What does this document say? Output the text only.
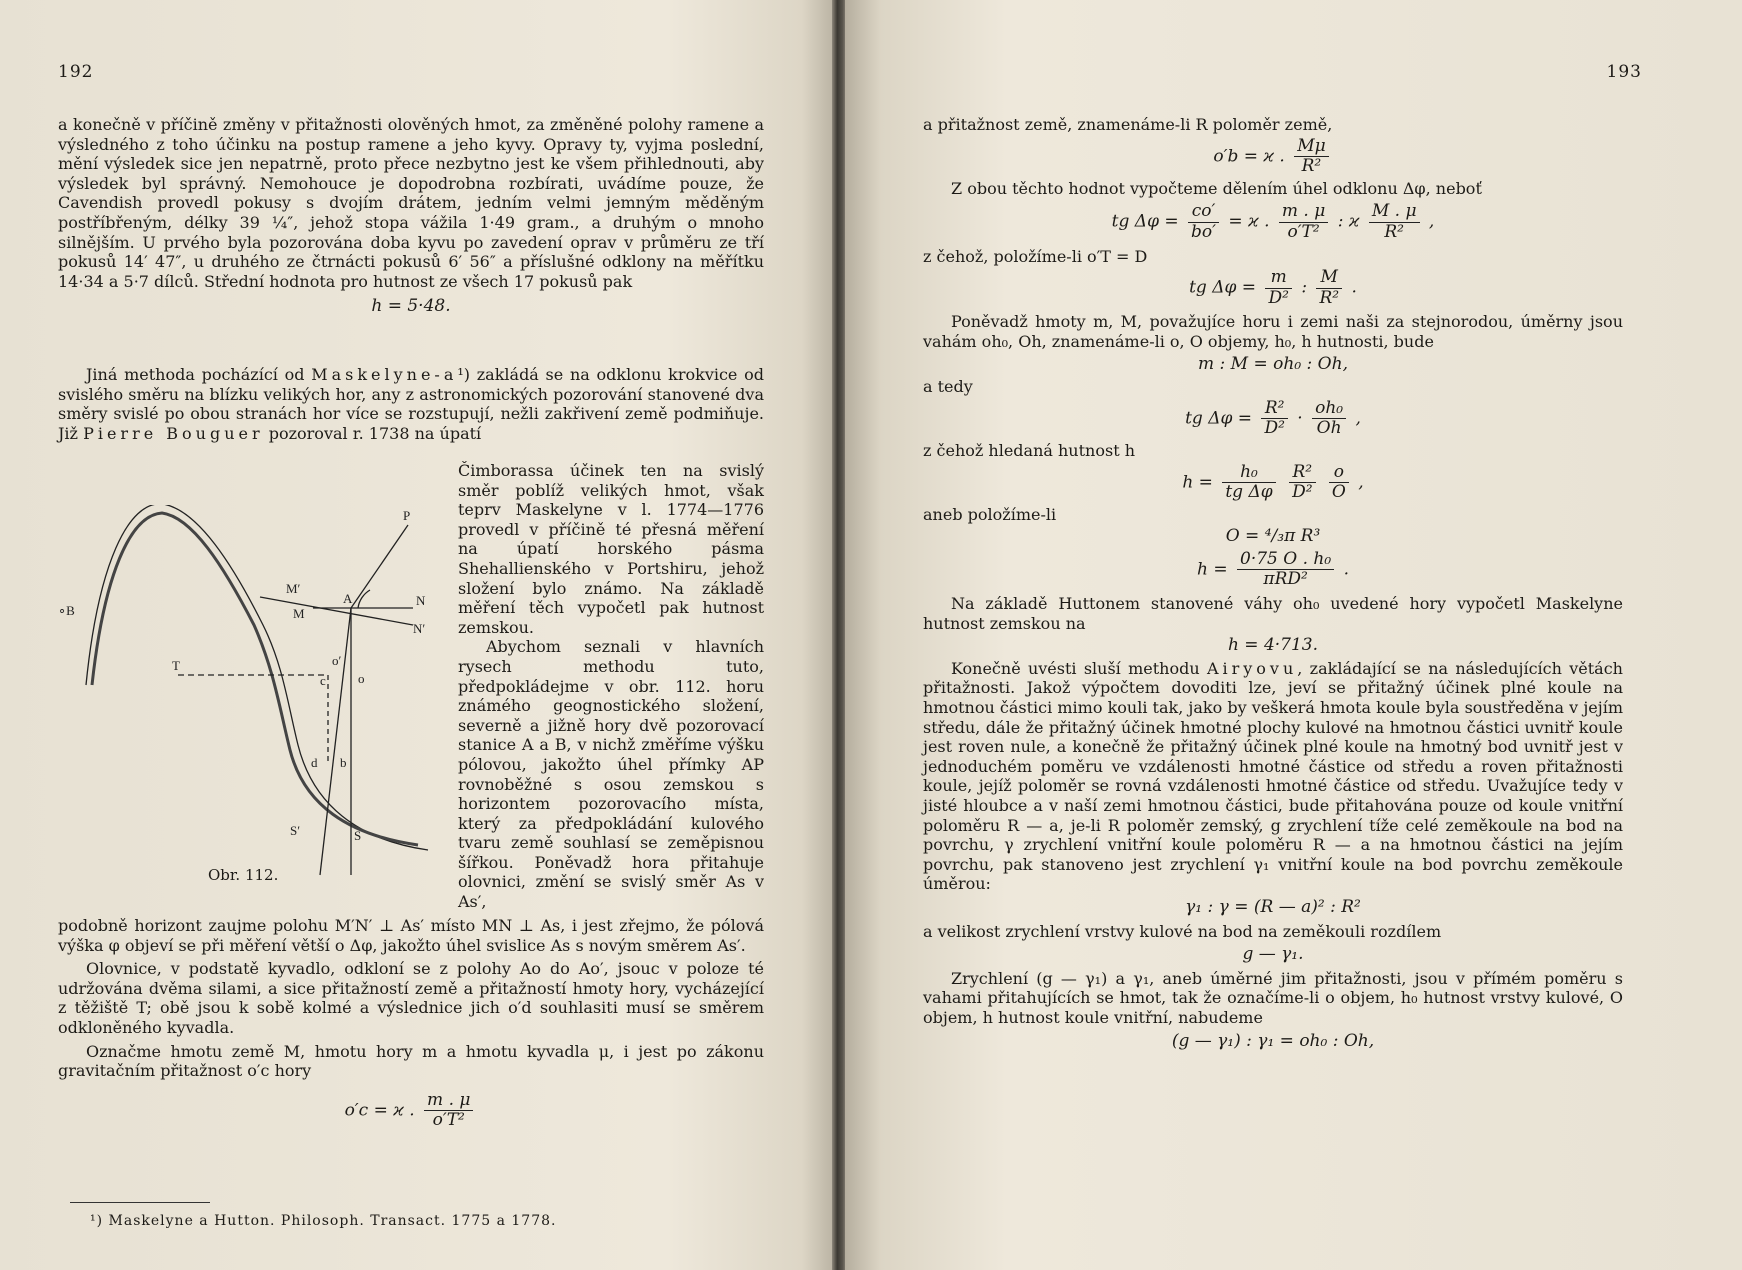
192

a konečně v příčině změny v přitažnosti olověných hmot, za změněné polohy ramene a výsledného z toho účinku na postup ramene a jeho kyvy. Opravy ty, vyjma poslední, mění výsledek sice jen nepatrně, proto přece nezbytno jest ke všem přihlednouti, aby výsledek byl správný. Nemohouce je dopodrobna rozbírati, uvádíme pouze, že Cavendish provedl pokusy s dvojím drátem, jedním velmi jemným měděným postříbřeným, délky 39 ¼″, jehož stopa vážila 1·49 gram., a druhým o mnoho silnějším. U prvého byla pozorována doba kyvu po zavedení oprav v průměru ze tří pokusů 14′ 47″, u druhého ze čtrnácti pokusů 6′ 56″ a příslušné odklony na měřítku 14·34 a 5·7 dílců. Střední hodnota pro hutnost ze všech 17 pokusů pak

h = 5·48.

Jiná methoda pocházící od Maskelyne-a¹) zakládá se na odklonu krokvice od svislého směru na blízku velikých hor, any z astronomických pozorování stanovené dva směry svislé po obou stranách hor více se rozstupují, nežli zakřivení země podmiňuje. Již Pierre Bouguer pozoroval r. 1738 na úpatí

Čimborassa účinek ten na svislý směr poblíž velikých hmot, však teprv Maskelyne v l. 1774—1776 provedl v příčině té přesná měření na úpatí horského pásma Shehallienského v Portshiru, jehož složení bylo známo. Na základě měření těch vypočetl pak hutnost zemskou.

Abychom seznali v hlavních rysech methodu tuto, předpokládejme v obr. 112. horu známého geognostického složení, severně a jižně hory dvě pozorovací stanice A a B, v nichž změříme výšku pólovou, jakožto úhel přímky AP rovnoběžné s osou zemskou s horizontem pozorovacího místa, který za předpokládání kulového tvaru země souhlasí se zeměpisnou šířkou. Poněvadž hora přitahuje olovnici, změní se svislý směr As v As′,

P
M′
A	N
M
N′
∘B
T	o′
c o
d b
S′	S
Obr. 112.

podobně horizont zaujme polohu M′N′ ⊥ As′ místo MN ⊥ As, i jest zřejmo, že pólová výška φ objeví se při měření větší o Δφ, jakožto úhel svislice As s novým směrem As′.

Olovnice, v podstatě kyvadlo, odkloní se z polohy Ao do Ao′, jsouc v poloze té udržována dvěma silami, a sice přitažností země a přitažností hmoty hory, vycházející z těžiště T; obě jsou k sobě kolmé a výslednice jich o′d souhlasiti musí se směrem odkloněného kyvadla.

Označme hmotu země M, hmotu hory m a hmotu kyvadla μ, i jest po zákonu gravitačním přitažnost o′c hory

o′c = ϰ . $\frac{m . \mu}{\text{o′T²}}$

¹) Maskelyne a Hutton. Philosoph. Transact. 1775 a 1778.
193

a přitažnost země, znamenáme-li R poloměr země,

o′b = ϰ . $\frac{M\mu}{\text{R²}}$

Z obou těchto hodnot vypočteme dělením úhel odklonu Δφ, neboť

tg $\Delta\varphi = \frac{co'}{bo'} = ϰ$ . $\frac{m . \mu}{\text{o′T²}}$ : ϰ $\frac{M . \mu}{\text{R²}}$ ,

z čehož, položíme-li o′T = D

tg $\Delta\varphi = \frac{m}{\text{D²}}$ : $\frac{M}{\text{R²}}$ .

Poněvadž hmoty m, M, považujíce horu i zemi naši za stejnorodou, úměrny jsou vahám oh₀, Oh, znamenáme-li o, O objemy, h₀, h hutnosti, bude

m : M = oh₀ : Oh,

a tedy

tg $\Delta\varphi = \frac{\text{R²}}{\text{D²}} \cdot \frac{\text{oh₀}}{Oh}$ ,

z čehož hledaná hutnost h

$h = \frac{\text{h₀}}{\text{tg Δφ}}$
$\frac{\text{R²}}{\text{D²}}$
$\frac{o}{O}$ ,

aneb položíme-li

O = ⁴/₃π R³

$h = \frac{\text{0·75 O . h₀}}{\text{πRD²}}$ .

Na základě Huttonem stanovené váhy oh₀ uvedené hory vypočetl Maskelyne hutnost zemskou na

h = 4·713.

Konečně uvésti sluší methodu Airyovu, zakládající se na následujících větách přitažnosti. Jakož výpočtem dovoditi lze, jeví se přitažný účinek plné koule na hmotnou částici mimo kouli tak, jako by veškerá hmota koule byla soustředěna v jejím středu, dále že přitažný účinek hmotné plochy kulové na hmotnou částici uvnitř koule jest roven nule, a konečně že přitažný účinek plné koule na hmotný bod uvnitř jest v jednoduchém poměru ve vzdálenosti hmotné částice od středu a roven přitažnosti koule, jejíž poloměr se rovná vzdálenosti hmotné částice od středu. Uvažujíce tedy v jisté hloubce a v naší zemi hmotnou částici, bude přitahována pouze od koule vnitřní poloměru R — a, je-li R poloměr zemský, g zrychlení tíže celé zeměkoule na bod na povrchu, γ zrychlení vnitřní koule poloměru R — a na hmotnou částici na jejím povrchu, pak stanoveno jest zrychlení γ₁ vnitřní koule na bod povrchu zeměkoule úměrou:

γ₁ : γ = (R — a)² : R²

a velikost zrychlení vrstvy kulové na bod na zeměkouli rozdílem

g — γ₁.

Zrychlení (g — γ₁) a γ₁, aneb úměrné jim přitažnosti, jsou v přímém poměru s vahami přitahujících se hmot, tak že označíme-li o objem, h₀ hutnost vrstvy kulové, O objem, h hutnost koule vnitřní, nabudeme

(g — γ₁) : γ₁ = oh₀ : Oh,
